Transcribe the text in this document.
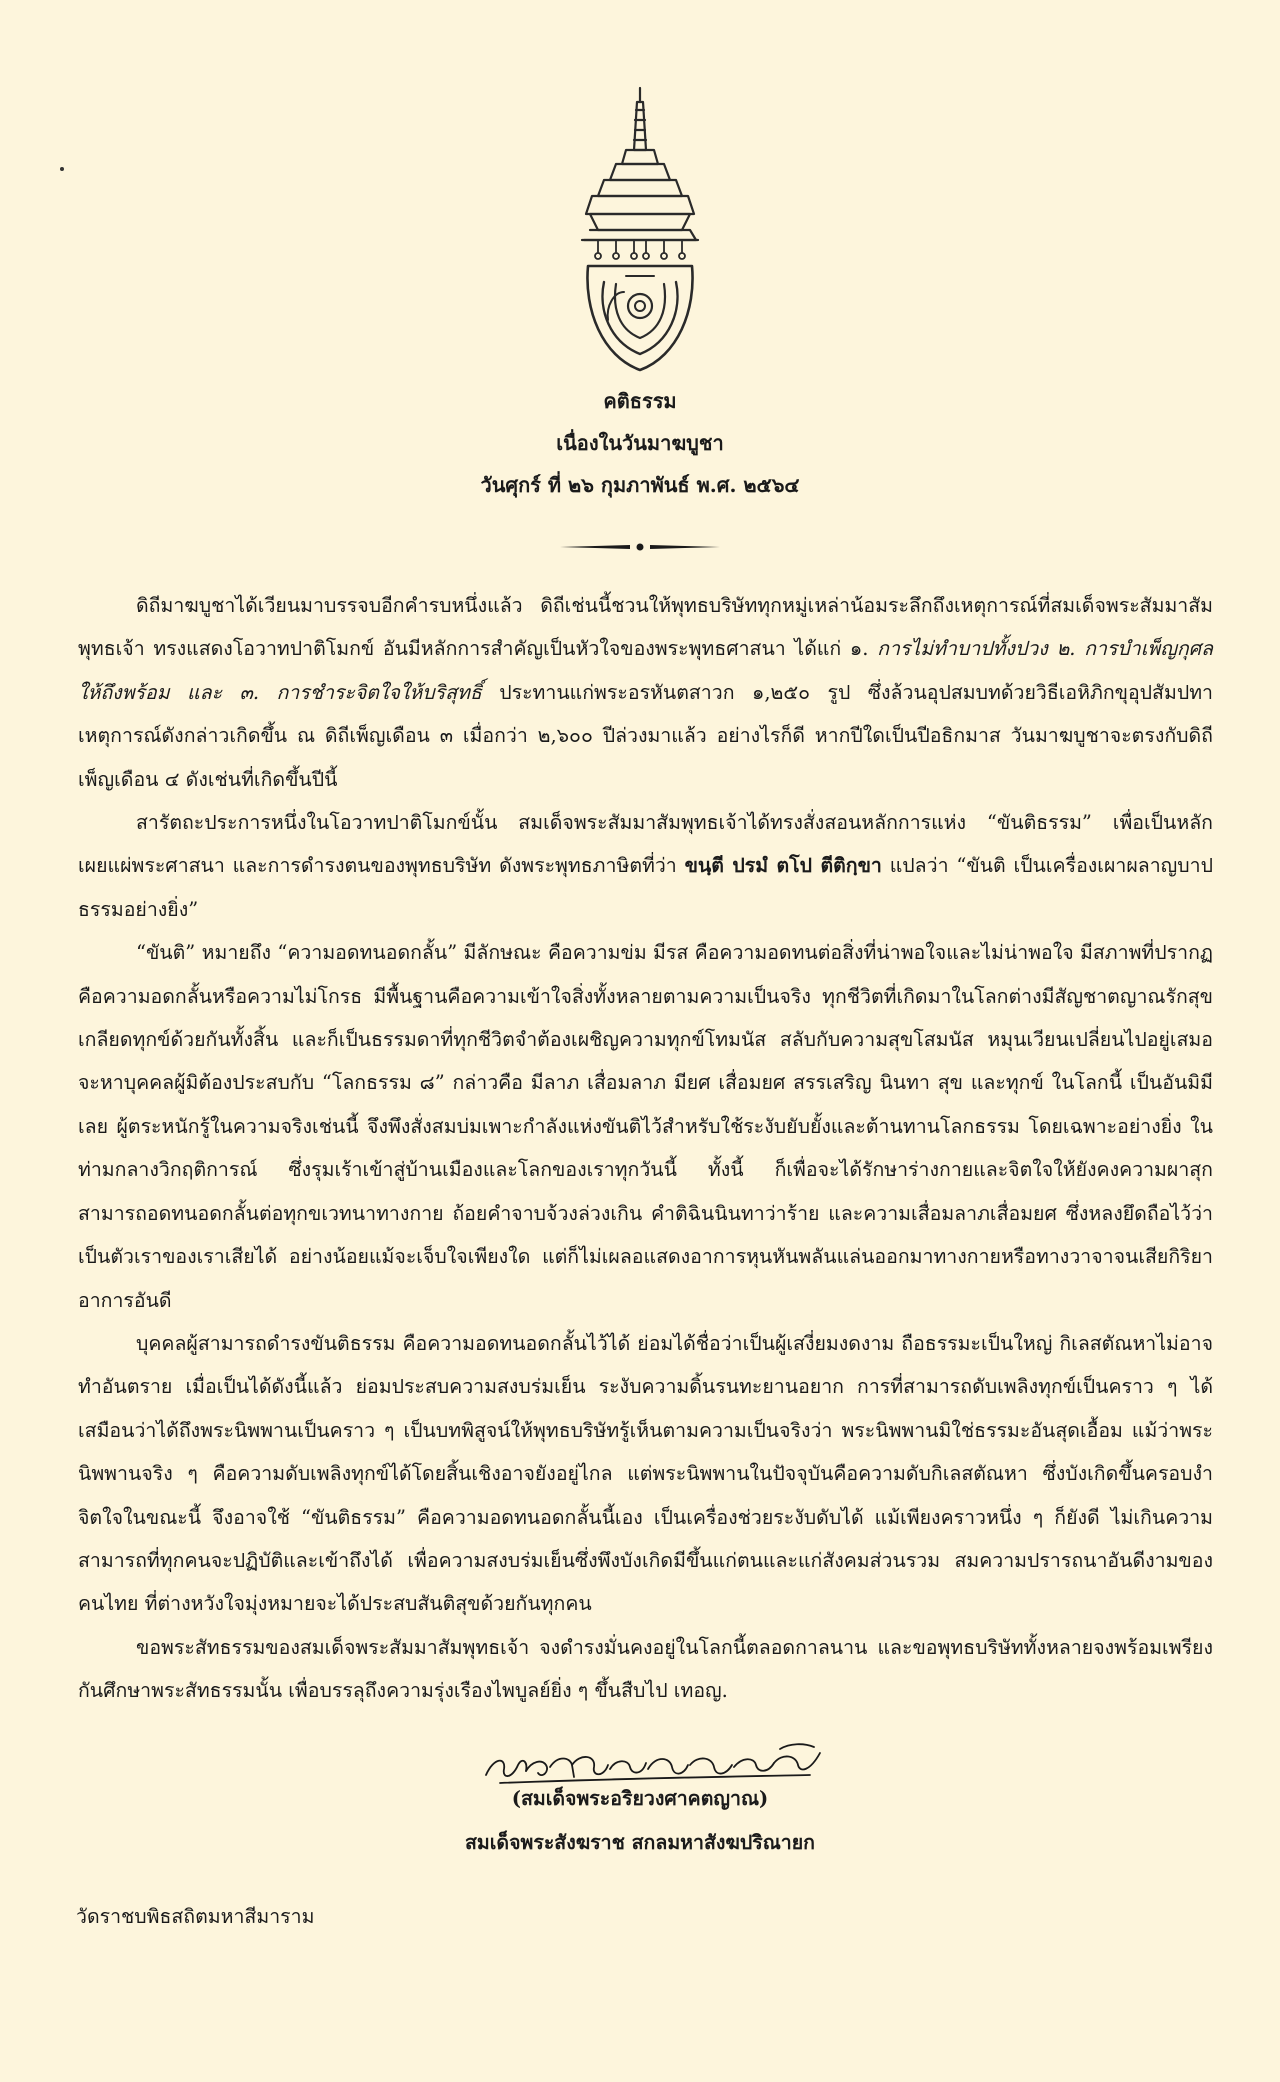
คติธรรม
เนื่องในวันมาฆบูชา
วันศุกร์ ที่ ๒๖ กุมภาพันธ์ พ.ศ. ๒๕๖๔

ดิถีมาฆบูชาได้เวียนมาบรรจบอีกคำรบหนึ่งแล้ว ดิถีเช่นนี้ชวนให้พุทธบริษัททุกหมู่เหล่าน้อมระลึกถึงเหตุการณ์ที่สมเด็จพระสัมมาสัมพุทธเจ้า ทรงแสดงโอวาทปาติโมกข์ อันมีหลักการสำคัญเป็นหัวใจของพระพุทธศาสนา ได้แก่ ๑. การไม่ทำบาปทั้งปวง ๒. การบำเพ็ญกุศลให้ถึงพร้อม และ ๓. การชำระจิตใจให้บริสุทธิ์ ประทานแก่พระอรหันตสาวก ๑,๒๕๐ รูป ซึ่งล้วนอุปสมบทด้วยวิธีเอหิภิกขุอุปสัมปทา เหตุการณ์ดังกล่าวเกิดขึ้น ณ ดิถีเพ็ญเดือน ๓ เมื่อกว่า ๒,๖๐๐ ปีล่วงมาแล้ว อย่างไรก็ดี หากปีใดเป็นปีอธิกมาส วันมาฆบูชาจะตรงกับดิถีเพ็ญเดือน ๔ ดังเช่นที่เกิดขึ้นปีนี้

สารัตถะประการหนึ่งในโอวาทปาติโมกข์นั้น สมเด็จพระสัมมาสัมพุทธเจ้าได้ทรงสั่งสอนหลักการแห่ง “ขันติธรรม” เพื่อเป็นหลักเผยแผ่พระศาสนา และการดำรงตนของพุทธบริษัท ดังพระพุทธภาษิตที่ว่า ขนฺตี ปรมํ ตโป ตีติกฺขา แปลว่า “ขันติ เป็นเครื่องเผาผลาญบาปธรรมอย่างยิ่ง”

“ขันติ” หมายถึง “ความอดทนอดกลั้น” มีลักษณะ คือความข่ม มีรส คือความอดทนต่อสิ่งที่น่าพอใจและไม่น่าพอใจ มีสภาพที่ปรากฏ คือความอดกลั้นหรือความไม่โกรธ มีพื้นฐานคือความเข้าใจสิ่งทั้งหลายตามความเป็นจริง ทุกชีวิตที่เกิดมาในโลกต่างมีสัญชาตญาณรักสุขเกลียดทุกข์ด้วยกันทั้งสิ้น และก็เป็นธรรมดาที่ทุกชีวิตจำต้องเผชิญความทุกข์โทมนัส สลับกับความสุขโสมนัส หมุนเวียนเปลี่ยนไปอยู่เสมอ จะหาบุคคลผู้มิต้องประสบกับ “โลกธรรม ๘” กล่าวคือ มีลาภ เสื่อมลาภ มียศ เสื่อมยศ สรรเสริญ นินทา สุข และทุกข์ ในโลกนี้ เป็นอันมิมีเลย ผู้ตระหนักรู้ในความจริงเช่นนี้ จึงพึงสั่งสมบ่มเพาะกำลังแห่งขันติไว้สำหรับใช้ระงับยับยั้งและต้านทานโลกธรรม โดยเฉพาะอย่างยิ่ง ในท่ามกลางวิกฤติการณ์ ซึ่งรุมเร้าเข้าสู่บ้านเมืองและโลกของเราทุกวันนี้ ทั้งนี้ ก็เพื่อจะได้รักษาร่างกายและจิตใจให้ยังคงความผาสุก สามารถอดทนอดกลั้นต่อทุกขเวทนาทางกาย ถ้อยคำจาบจ้วงล่วงเกิน คำติฉินนินทาว่าร้าย และความเสื่อมลาภเสื่อมยศ ซึ่งหลงยึดถือไว้ว่าเป็นตัวเราของเราเสียได้ อย่างน้อยแม้จะเจ็บใจเพียงใด แต่ก็ไม่เผลอแสดงอาการหุนหันพลันแล่นออกมาทางกายหรือทางวาจาจนเสียกิริยาอาการอันดี

บุคคลผู้สามารถดำรงขันติธรรม คือความอดทนอดกลั้นไว้ได้ ย่อมได้ชื่อว่าเป็นผู้เสงี่ยมงดงาม ถือธรรมะเป็นใหญ่ กิเลสตัณหาไม่อาจทำอันตราย เมื่อเป็นได้ดังนี้แล้ว ย่อมประสบความสงบร่มเย็น ระงับความดิ้นรนทะยานอยาก การที่สามารถดับเพลิงทุกข์เป็นคราว ๆ ได้ เสมือนว่าได้ถึงพระนิพพานเป็นคราว ๆ เป็นบทพิสูจน์ให้พุทธบริษัทรู้เห็นตามความเป็นจริงว่า พระนิพพานมิใช่ธรรมะอันสุดเอื้อม แม้ว่าพระนิพพานจริง ๆ คือความดับเพลิงทุกข์ได้โดยสิ้นเชิงอาจยังอยู่ไกล แต่พระนิพพานในปัจจุบันคือความดับกิเลสตัณหา ซึ่งบังเกิดขึ้นครอบงำจิตใจในขณะนี้ จึงอาจใช้ “ขันติธรรม” คือความอดทนอดกลั้นนี้เอง เป็นเครื่องช่วยระงับดับได้ แม้เพียงคราวหนึ่ง ๆ ก็ยังดี ไม่เกินความสามารถที่ทุกคนจะปฏิบัติและเข้าถึงได้ เพื่อความสงบร่มเย็นซึ่งพึงบังเกิดมีขึ้นแก่ตนและแก่สังคมส่วนรวม สมความปรารถนาอันดีงามของคนไทย ที่ต่างหวังใจมุ่งหมายจะได้ประสบสันติสุขด้วยกันทุกคน

ขอพระสัทธรรมของสมเด็จพระสัมมาสัมพุทธเจ้า จงดำรงมั่นคงอยู่ในโลกนี้ตลอดกาลนาน และขอพุทธบริษัททั้งหลายจงพร้อมเพรียงกันศึกษาพระสัทธรรมนั้น เพื่อบรรลุถึงความรุ่งเรืองไพบูลย์ยิ่ง ๆ ขึ้นสืบไป เทอญ.

(สมเด็จพระอริยวงศาคตญาณ)
สมเด็จพระสังฆราช สกลมหาสังฆปริณายก
วัดราชบพิธสถิตมหาสีมาราม
